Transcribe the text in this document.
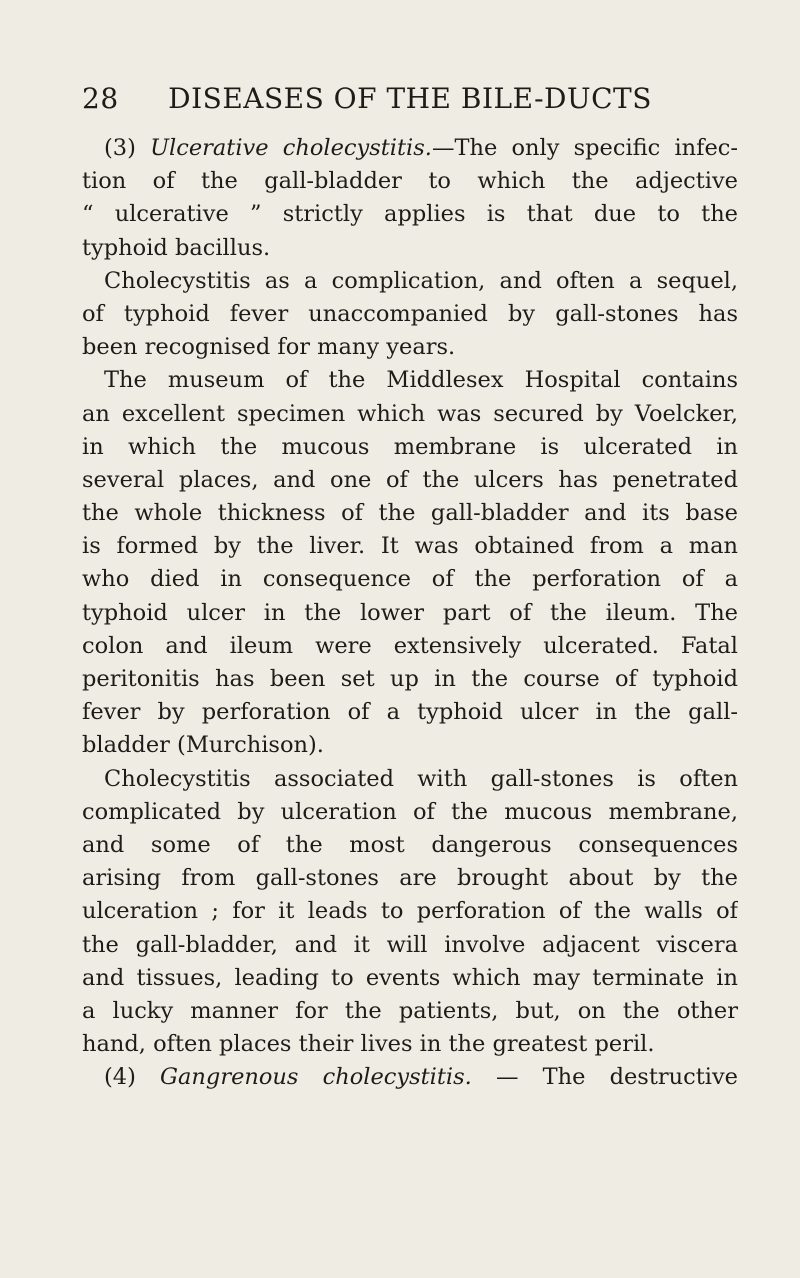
28	DISEASES OF THE BILE-DUCTS
(3) Ulcerative cholecystitis.—The only specific infec-
tion of the gall-bladder to which the adjective
“ ulcerative ” strictly applies is that due to the
typhoid bacillus.
Cholecystitis as a complication, and often a sequel,
of typhoid fever unaccompanied by gall-stones has
been recognised for many years.
The museum of the Middlesex Hospital contains
an excellent specimen which was secured by Voelcker,
in which the mucous membrane is ulcerated in
several places, and one of the ulcers has penetrated
the whole thickness of the gall-bladder and its base
is formed by the liver. It was obtained from a man
who died in consequence of the perforation of a
typhoid ulcer in the lower part of the ileum. The
colon and ileum were extensively ulcerated. Fatal
peritonitis has been set up in the course of typhoid
fever by perforation of a typhoid ulcer in the gall-
bladder (Murchison).
Cholecystitis associated with gall-stones is often
complicated by ulceration of the mucous membrane,
and some of the most dangerous consequences
arising from gall-stones are brought about by the
ulceration ; for it leads to perforation of the walls of
the gall-bladder, and it will involve adjacent viscera
and tissues, leading to events which may terminate in
a lucky manner for the patients, but, on the other
hand, often places their lives in the greatest peril.
(4) Gangrenous cholecystitis. — The destructive
